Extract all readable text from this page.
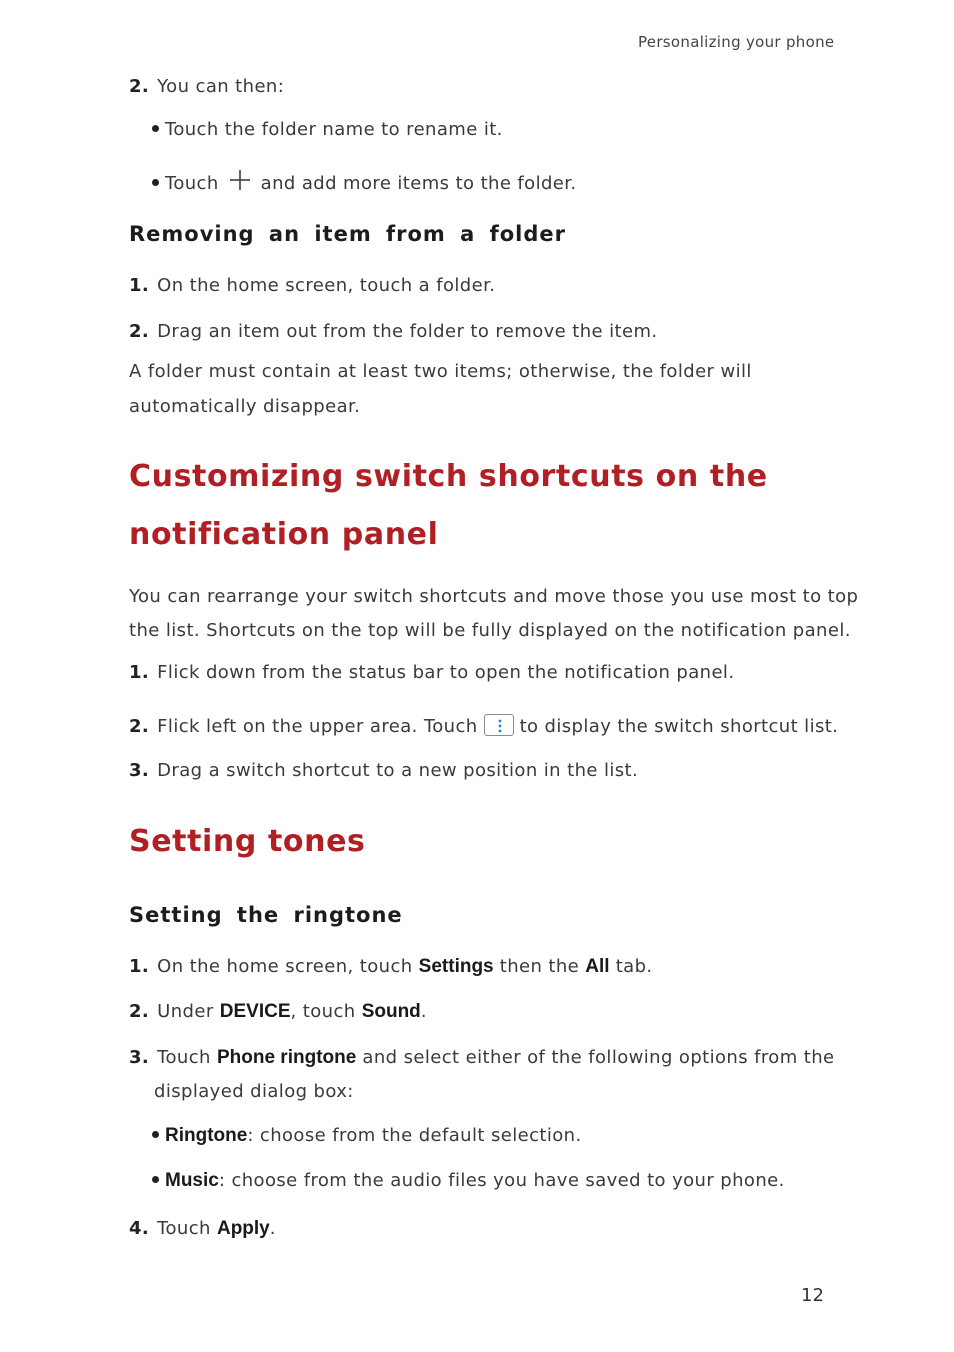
Personalizing your phone
2. You can then:
Touch the folder name to rename it.
Touch and add more items to the folder.
Removing an item from a folder
1. On the home screen, touch a folder.
2. Drag an item out from the folder to remove the item.
A folder must contain at least two items; otherwise, the folder will
automatically disappear.
Customizing switch shortcuts on the
notification panel
You can rearrange your switch shortcuts and move those you use most to top
the list. Shortcuts on the top will be fully displayed on the notification panel.
1. Flick down from the status bar to open the notification panel.
2. Flick left on the upper area. Touch to display the switch shortcut list.
3. Drag a switch shortcut to a new position in the list.
Setting tones
Setting the ringtone
1. On the home screen, touch Settings then the All tab.
2. Under DEVICE, touch Sound.
3. Touch Phone ringtone and select either of the following options from the
displayed dialog box:
Ringtone: choose from the default selection.
Music: choose from the audio files you have saved to your phone.
4. Touch Apply.
12
